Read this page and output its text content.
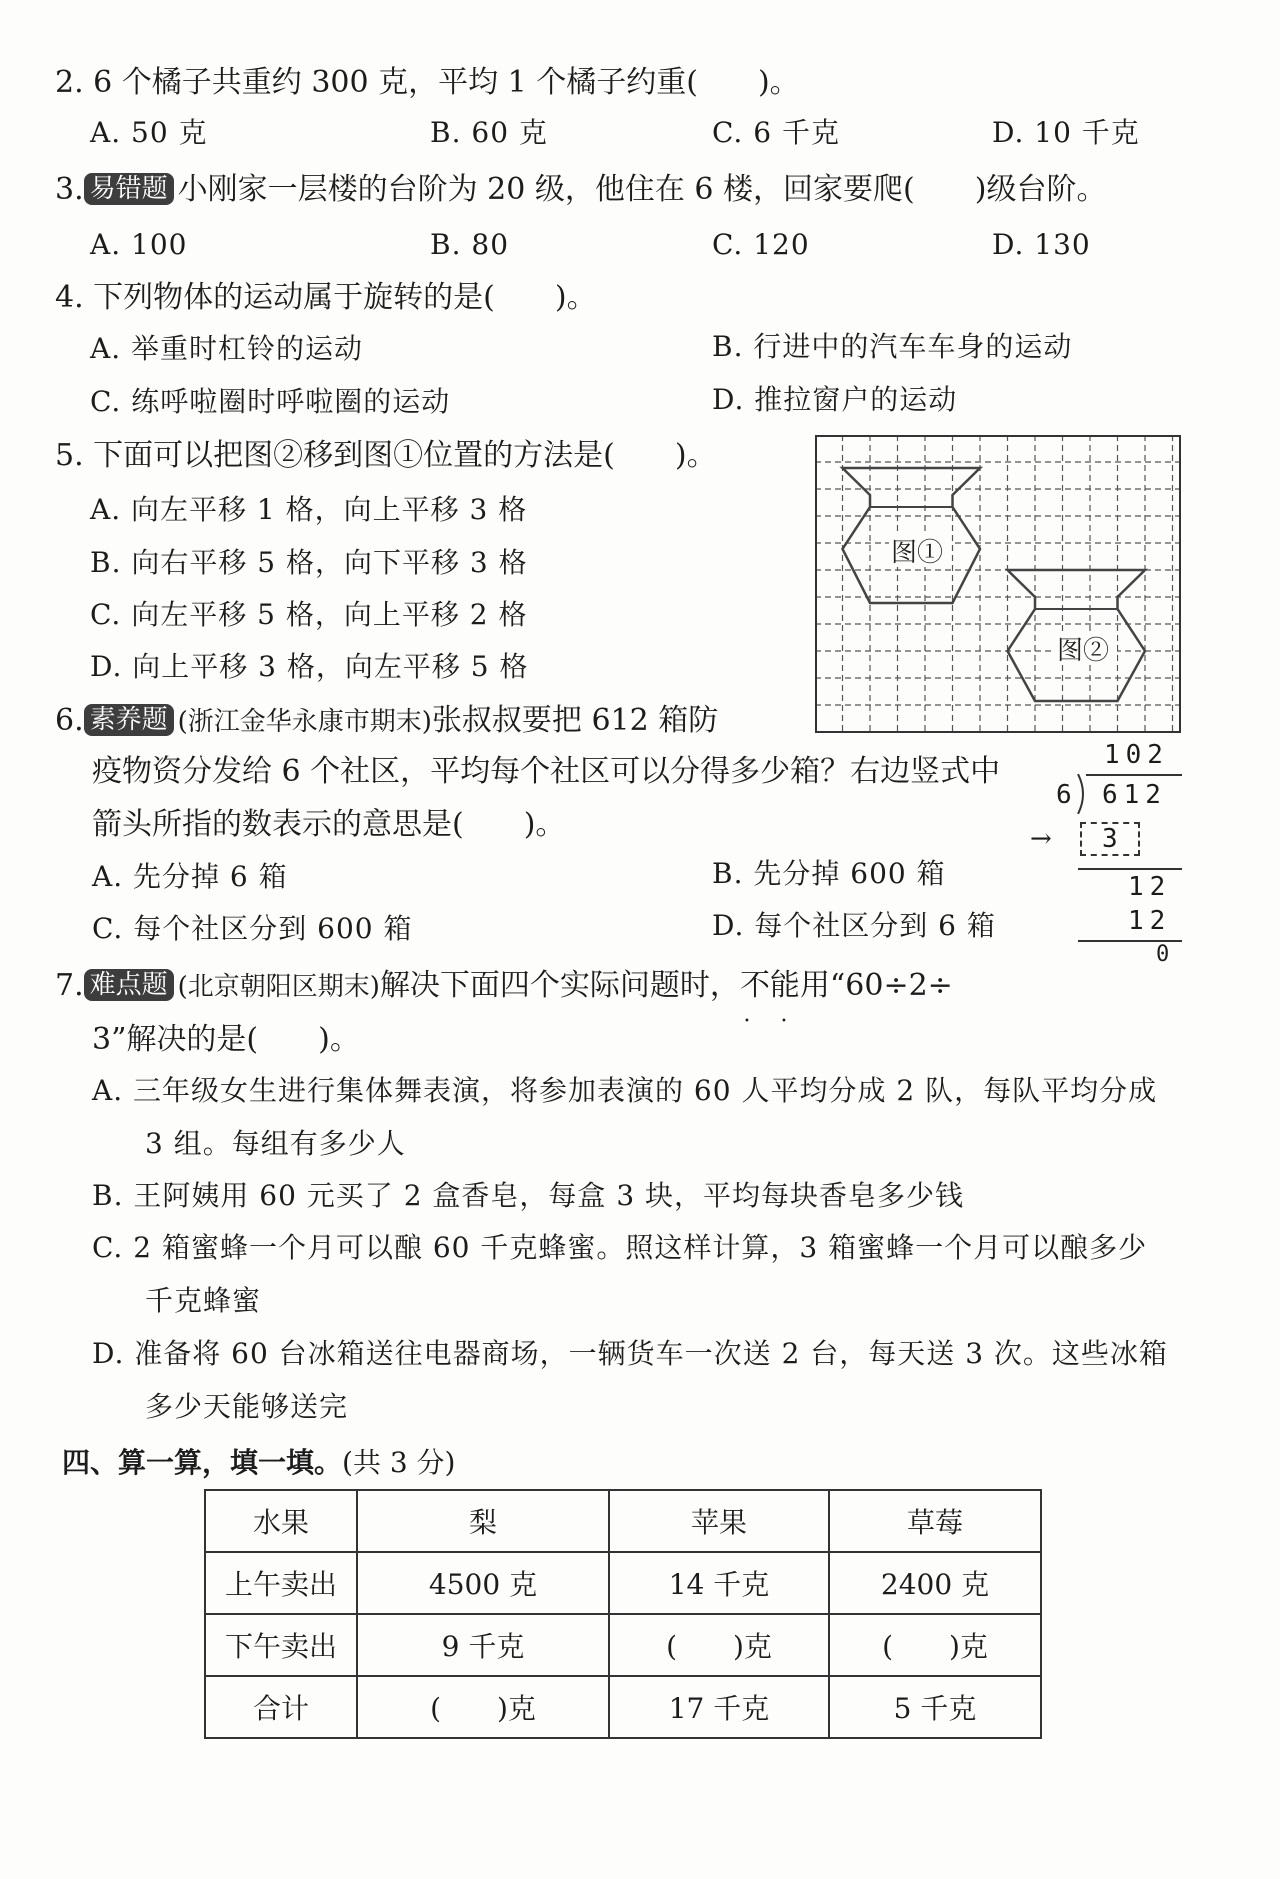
2. 6 个橘子共重约 300 克，平均 1 个橘子约重(　　)。
A. 50 克	B. 60 克	C. 6 千克	D. 10 千克
3. 易错题 小刚家一层楼的台阶为 20 级，他住在 6 楼，回家要爬(　　)级台阶。
A. 100	B. 80	C. 120	D. 130
4. 下列物体的运动属于旋转的是(　　)。
A. 举重时杠铃的运动	B. 行进中的汽车车身的运动
C. 练呼啦圈时呼啦圈的运动	D. 推拉窗户的运动
5. 下面可以把图②移到图①位置的方法是(　　)。
A. 向左平移 1 格，向上平移 3 格
B. 向右平移 5 格，向下平移 3 格
C. 向左平移 5 格，向上平移 2 格
D. 向上平移 3 格，向左平移 5 格
图①
图②
6. 素养题 (浙江金华永康市期末)张叔叔要把 612 箱防
疫物资分发给 6 个社区，平均每个社区可以分得多少箱？右边竖式中
箭头所指的数表示的意思是(　　)。
A. 先分掉 6 箱	B. 先分掉 600 箱
C. 每个社区分到 600 箱	D. 每个社区分到 6 箱
102
6 612
→	3
12
12
0
7. 难点题 (北京朝阳区期末)解决下面四个实际问题时，不能 • •用“60÷2÷
3”解决的是(　　)。
A. 三年级女生进行集体舞表演，将参加表演的 60 人平均分成 2 队，每队平均分成
3 组。每组有多少人
B. 王阿姨用 60 元买了 2 盒香皂，每盒 3 块，平均每块香皂多少钱
C. 2 箱蜜蜂一个月可以酿 60 千克蜂蜜。照这样计算，3 箱蜜蜂一个月可以酿多少
千克蜂蜜
D. 准备将 60 台冰箱送往电器商场，一辆货车一次送 2 台，每天送 3 次。这些冰箱
多少天能够送完
四、算一算，填一填。(共 3 分)
水果	梨	苹果	草莓
上午卖出	4500 克	14 千克	2400 克
下午卖出	9 千克	(　　)克	(　　)克
合计	(　　)克	17 千克	5 千克
